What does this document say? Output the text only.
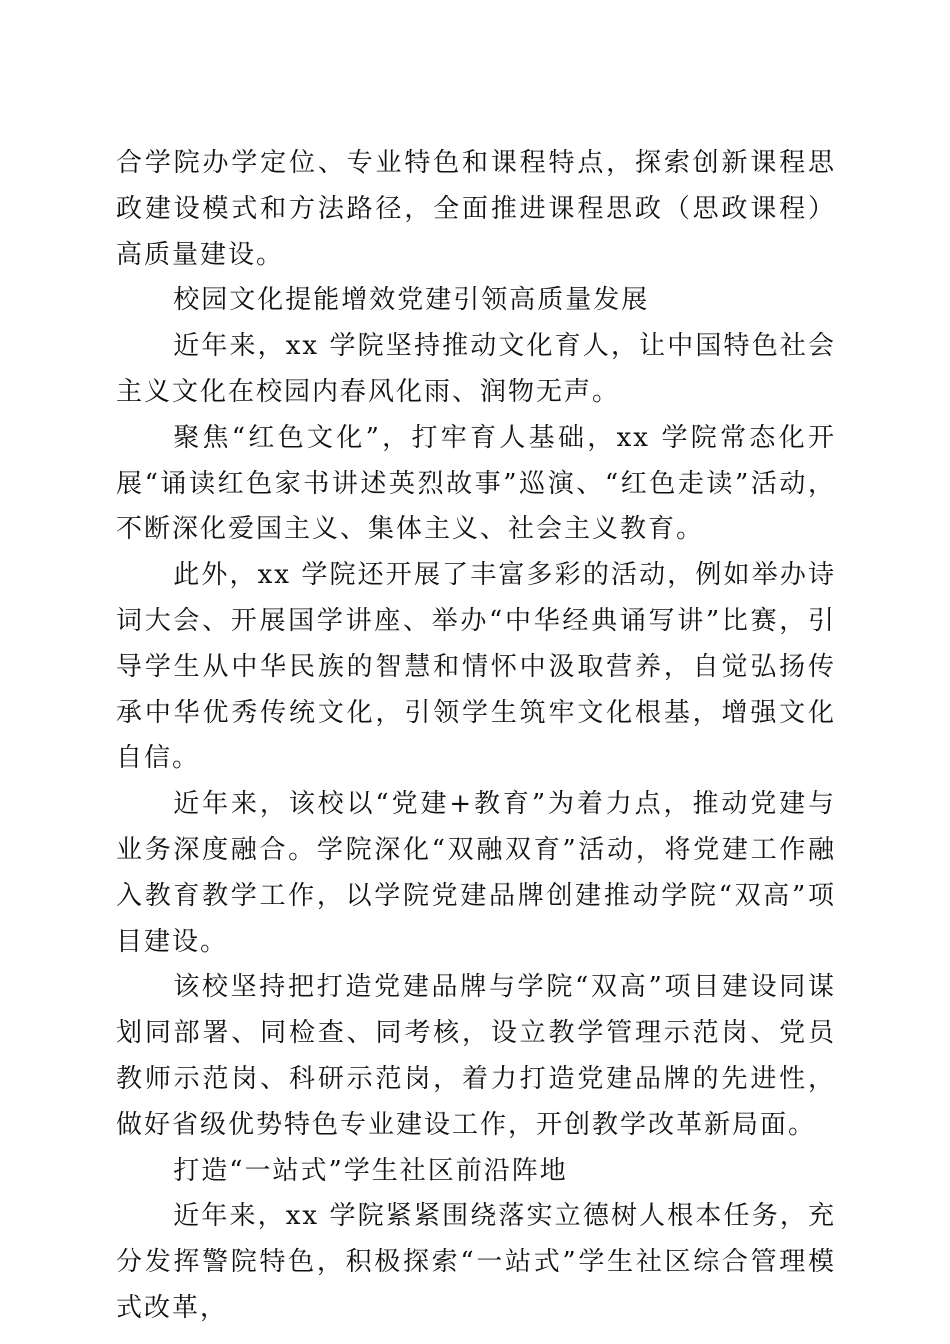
合学院办学定位、专业特色和课程特点，探索创新课程思政建设模式和方法路径，全面推进课程思政（思政课程）高质量建设。

校园文化提能增效党建引领高质量发展

近年来，xx 学院坚持推动文化育人，让中国特色社会主义文化在校园内春风化雨、润物无声。

聚焦“红色文化”，打牢育人基础，xx 学院常态化开展“诵读红色家书讲述英烈故事”巡演、“红色走读”活动，不断深化爱国主义、集体主义、社会主义教育。

此外，xx 学院还开展了丰富多彩的活动，例如举办诗词大会、开展国学讲座、举办“中华经典诵写讲”比赛，引导学生从中华民族的智慧和情怀中汲取营养，自觉弘扬传承中华优秀传统文化，引领学生筑牢文化根基，增强文化自信。

近年来，该校以“党建+教育”为着力点，推动党建与业务深度融合。学院深化“双融双育”活动，将党建工作融入教育教学工作，以学院党建品牌创建推动学院“双高”项目建设。

该校坚持把打造党建品牌与学院“双高”项目建设同谋划同部署、同检查、同考核，设立教学管理示范岗、党员教师示范岗、科研示范岗，着力打造党建品牌的先进性，做好省级优势特色专业建设工作，开创教学改革新局面。

打造“一站式”学生社区前沿阵地

近年来，xx 学院紧紧围绕落实立德树人根本任务，充分发挥警院特色，积极探索“一站式”学生社区综合管理模式改革，
